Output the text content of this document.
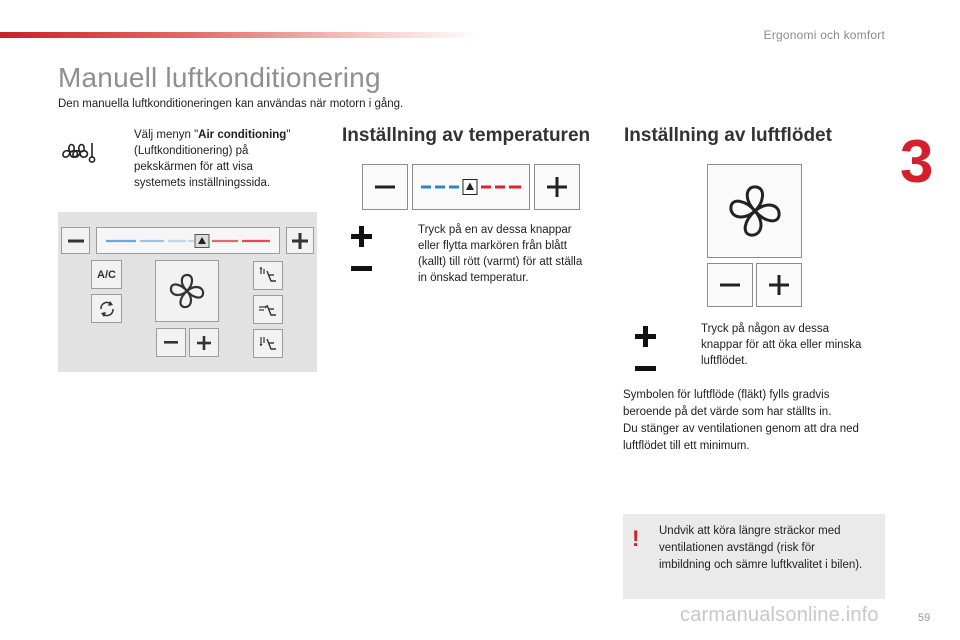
Ergonomi och komfort
3
Manuell luftkonditionering
Den manuella luftkonditioneringen kan användas när motorn i gång.
Välj menyn "Air conditioning"
(Luftkonditionering) på
pekskärmen för att visa
systemets inställningssida.
A/C
Inställning av temperaturen
Tryck på en av dessa knappar
eller flytta markören från blått
(kallt) till rött (varmt) för att ställa
in önskad temperatur.
Inställning av luftflödet
Tryck på någon av dessa
knappar för att öka eller minska
luftflödet.
Symbolen för luftflöde (fläkt) fylls gradvis
beroende på det värde som har ställts in.
Du stänger av ventilationen genom att dra ned
luftflödet till ett minimum.
! Undvik att köra längre sträckor med
ventilationen avstängd (risk för
imbildning och sämre luftkvalitet i bilen).
carmanualsonline.info	59
